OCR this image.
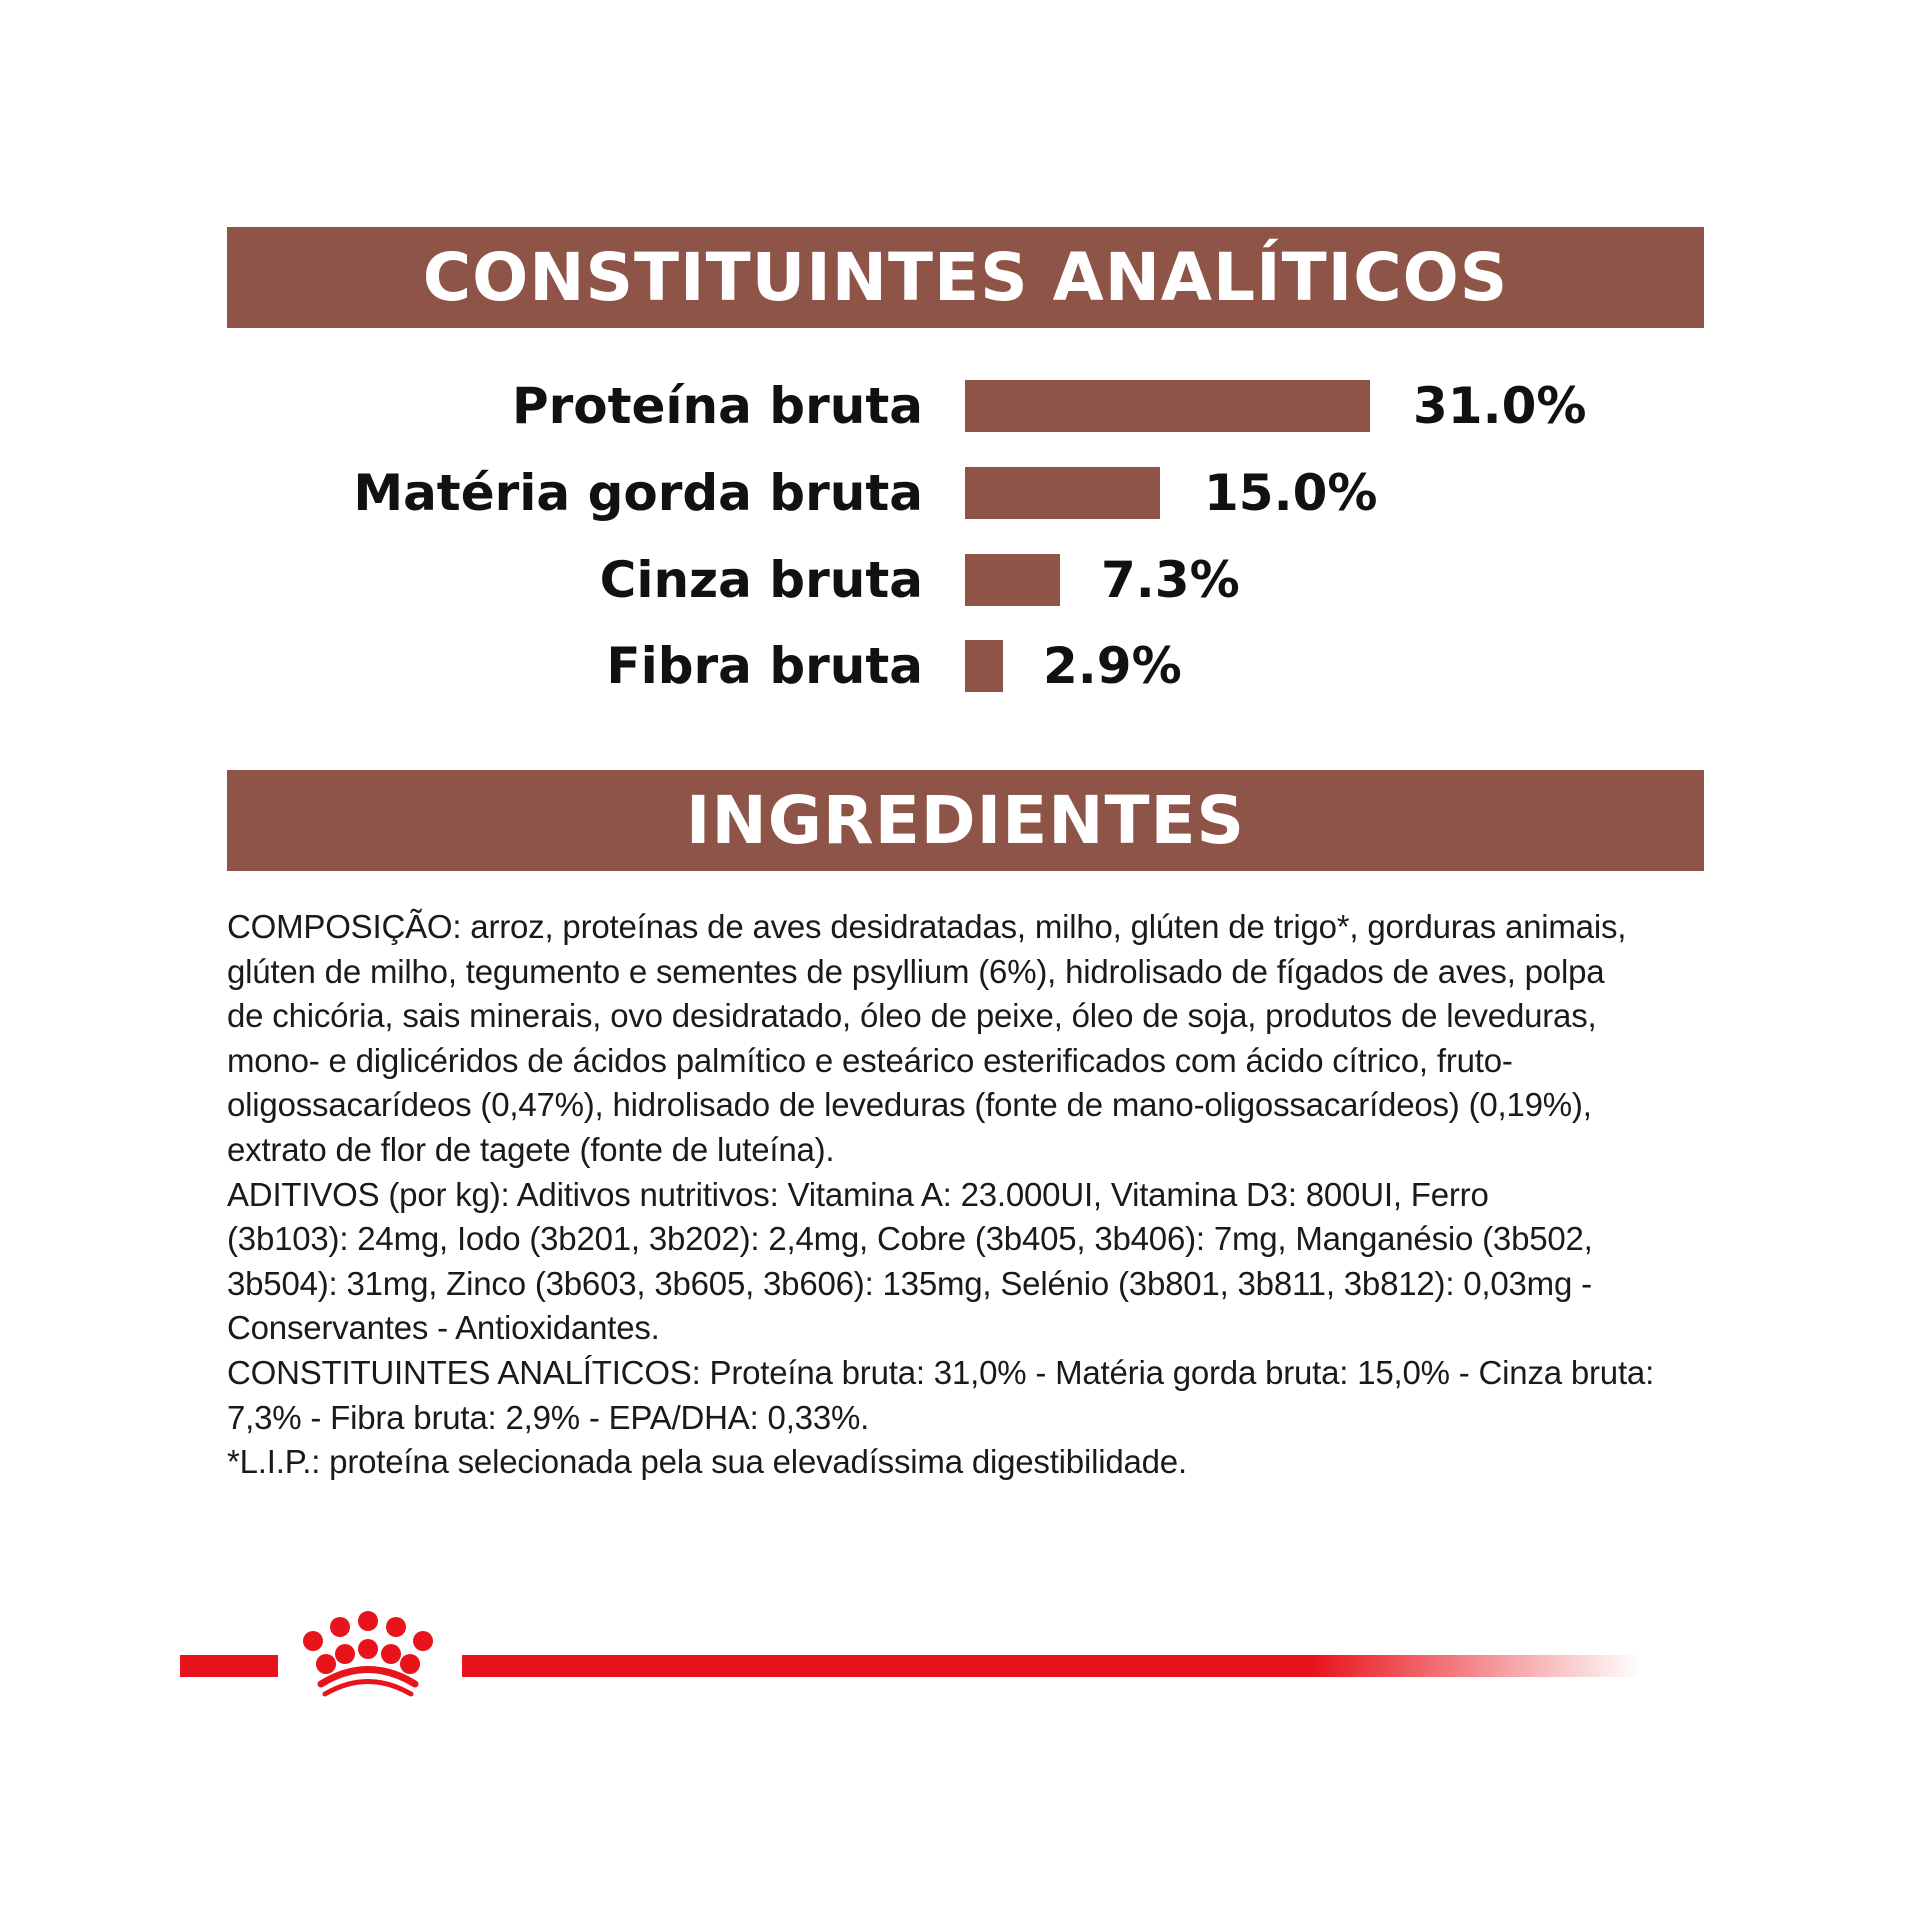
CONSTITUINTES ANALÍTICOS
Proteína bruta	31.0%
Matéria gorda bruta	15.0%
Cinza bruta	7.3%
Fibra bruta 2.9%
INGREDIENTES

COMPOSIÇÃO: arroz, proteínas de aves desidratadas, milho, glúten de trigo*, gorduras animais,

glúten de milho, tegumento e sementes de psyllium (6%), hidrolisado de fígados de aves, polpa

de chicória, sais minerais, ovo desidratado, óleo de peixe, óleo de soja, produtos de leveduras,

mono- e diglicéridos de ácidos palmítico e esteárico esterificados com ácido cítrico, fruto-

oligossacarídeos (0,47%), hidrolisado de leveduras (fonte de mano-oligossacarídeos) (0,19%),

extrato de flor de tagete (fonte de luteína).

ADITIVOS (por kg): Aditivos nutritivos: Vitamina A: 23.000UI, Vitamina D3: 800UI, Ferro

(3b103): 24mg, Iodo (3b201, 3b202): 2,4mg, Cobre (3b405, 3b406): 7mg, Manganésio (3b502,

3b504): 31mg, Zinco (3b603, 3b605, 3b606): 135mg, Selénio (3b801, 3b811, 3b812): 0,03mg -

Conservantes - Antioxidantes.

CONSTITUINTES ANALÍTICOS: Proteína bruta: 31,0% - Matéria gorda bruta: 15,0% - Cinza bruta:

7,3% - Fibra bruta: 2,9% - EPA/DHA: 0,33%.

*L.I.P.: proteína selecionada pela sua elevadíssima digestibilidade.
